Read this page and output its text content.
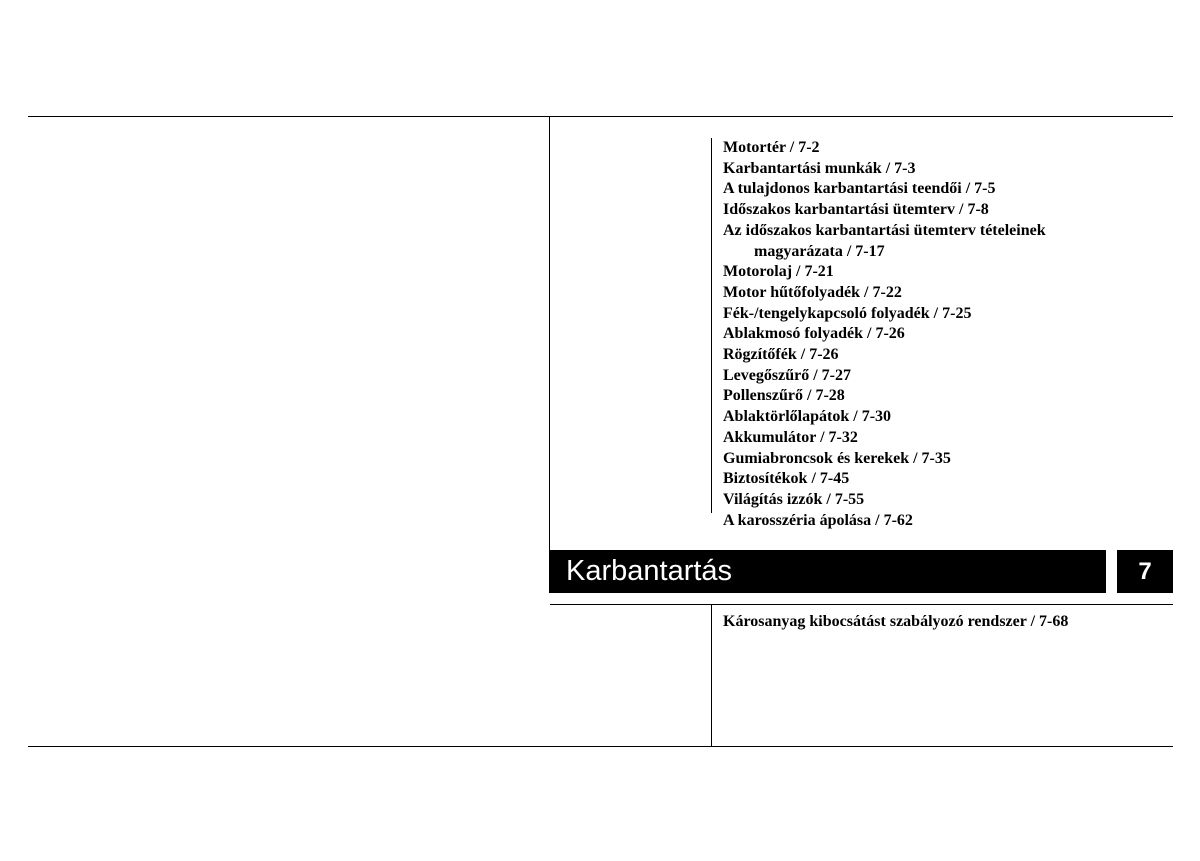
Motortér / 7-2
Karbantartási munkák / 7-3
A tulajdonos karbantartási teendői / 7-5
Időszakos karbantartási ütemterv / 7-8
Az időszakos karbantartási ütemterv tételeinek
magyarázata / 7-17
Motorolaj / 7-21
Motor hűtőfolyadék / 7-22
Fék-/tengelykapcsoló folyadék / 7-25
Ablakmosó folyadék / 7-26
Rögzítőfék / 7-26
Levegőszűrő / 7-27
Pollenszűrő / 7-28
Ablaktörlőlapátok / 7-30
Akkumulátor / 7-32
Gumiabroncsok és kerekek / 7-35
Biztosítékok / 7-45
Világítás izzók / 7-55
A karosszéria ápolása / 7-62
Karbantartás	7
Károsanyag kibocsátást szabályozó rendszer / 7-68
